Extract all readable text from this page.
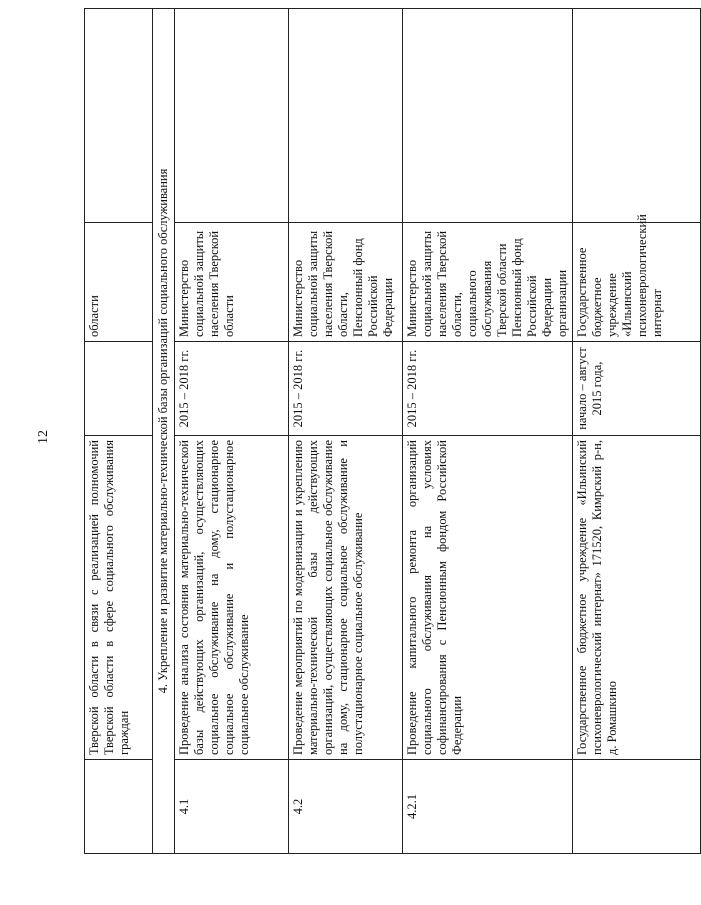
12
	Тверской области в связи с реализацией полномочий Тверской области в сфере социального обслуживания граждан		области	
4. Укрепление и развитие материально-технической базы организаций социального обслуживания				
4.1	Проведение анализа состояния материально-технической базы действующих организаций, осуществляющих социальное обслуживание на дому, стационарное социальное обслуживание и полустационарное социальное обслуживание	2015 – 2018 гг.	Министерство социальной защиты населения Тверской области	
4.2	Проведение мероприятий по модернизации и укреплению материально-технической базы действующих организаций, осуществляющих социальное обслуживание на дому, стационарное социальное обслуживание и полустационарное социальное обслуживание	2015 – 2018 гг.	Министерство социальной защиты населения Тверской области, Пенсионный фонд Российской Федерации	
4.2.1	Проведение капитального ремонта организаций социального обслуживания на условиях софинансирования с Пенсионным фондом Российской Федерации	2015 – 2018 гг.	Министерство социальной защиты населения Тверской области, социального обслуживания Тверской области Пенсионный фонд Российской Федерации организации	
	Государственное бюджетное учреждение «Ильинский психоневрологический интернат» 171520, Кимрский р-н, д. Ромашкино	начало – август 2015 года,	Государственное бюджетное учреждение «Ильинский психоневрологический интернат	
